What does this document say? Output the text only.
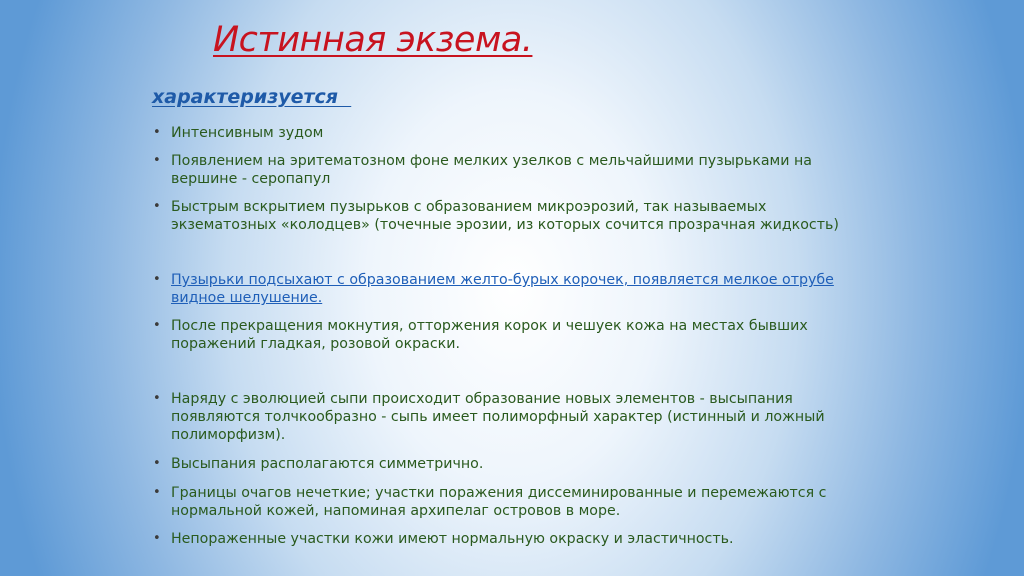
Истинная экзема.
характеризуется
• Интенсивным зудом
• Появлением на эритематозном фоне мелких узелков с мельчайшими пузырьками на вершине - серопапул
• Быстрым вскрытием пузырьков с образованием микроэрозий, так называемых экзематозных «колодцев» (точечные эрозии, из которых сочится прозрачная жидкость)
• Пузырьки подсыхают с образованием желто-бурых корочек, появляется мелкое отрубе видное шелушение.
• После прекращения мокнутия, отторжения корок и чешуек кожа на местах бывших поражений гладкая, розовой окраски.
• Наряду с эволюцией сыпи происходит образование новых элементов - высыпания появляются толчкообразно - сыпь имеет полиморфный характер (истинный и ложный полиморфизм).
• Высыпания располагаются симметрично.
• Границы очагов нечеткие; участки поражения диссеминированные и перемежаются с нормальной кожей, напоминая архипелаг островов в море.
• Непораженные участки кожи имеют нормальную окраску и эластичность.
